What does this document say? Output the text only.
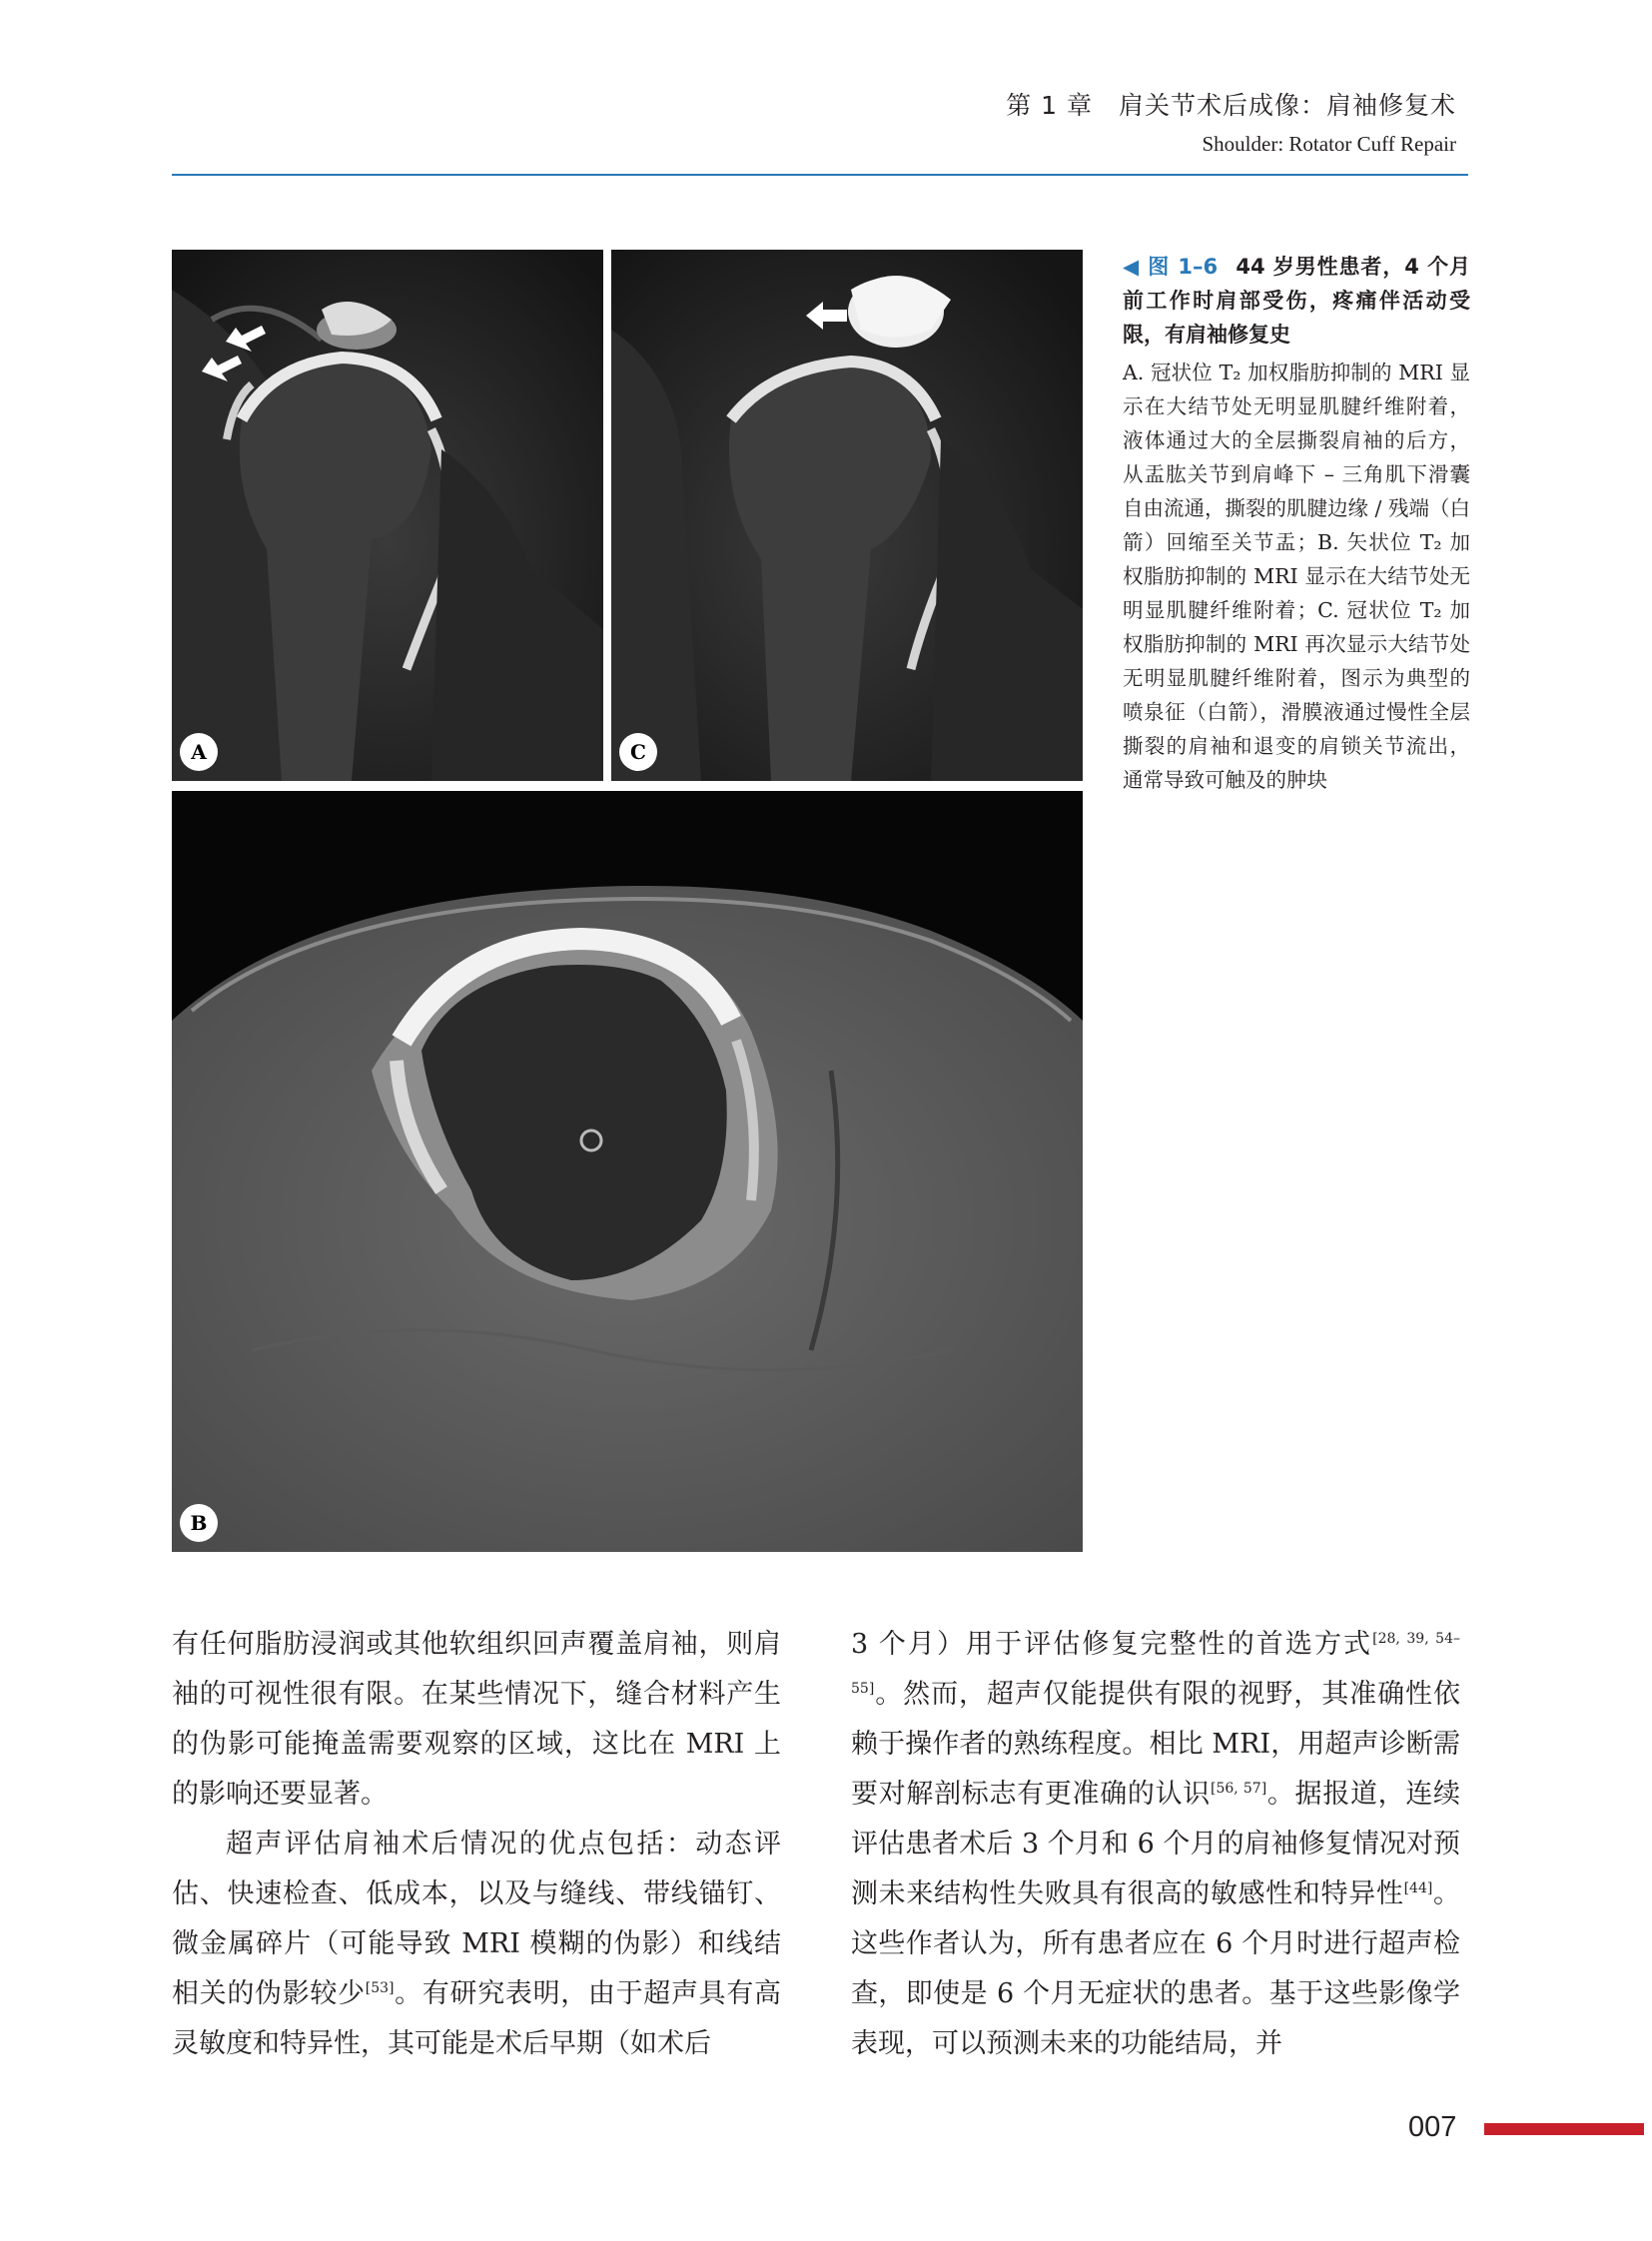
第 1 章　肩关节术后成像：肩袖修复术
Shoulder: Rotator Cuff Repair
A	C
B
◀ 图 1–6 44 岁男性患者，4 个月前工作时肩部受伤，疼痛伴活动受限，有肩袖修复史
A. 冠状位 T₂ 加权脂肪抑制的 MRI 显示在大结节处无明显肌腱纤维附着，液体通过大的全层撕裂肩袖的后方，从盂肱关节到肩峰下 – 三角肌下滑囊自由流通，撕裂的肌腱边缘 / 残端（白箭）回缩至关节盂；B. 矢状位 T₂ 加权脂肪抑制的 MRI 显示在大结节处无明显肌腱纤维附着；C. 冠状位 T₂ 加权脂肪抑制的 MRI 再次显示大结节处无明显肌腱纤维附着，图示为典型的喷泉征（白箭），滑膜液通过慢性全层撕裂的肩袖和退变的肩锁关节流出，通常导致可触及的肿块

有任何脂肪浸润或其他软组织回声覆盖肩袖，则肩袖的可视性很有限。在某些情况下，缝合材料产生的伪影可能掩盖需要观察的区域，这比在 MRI 上的影响还要显著。

超声评估肩袖术后情况的优点包括：动态评估、快速检查、低成本，以及与缝线、带线锚钉、微金属碎片（可能导致 MRI 模糊的伪影）和线结相关的伪影较少[53]。有研究表明，由于超声具有高灵敏度和特异性，其可能是术后早期（如术后

3 个月）用于评估修复完整性的首选方式[28, 39, 54–55]。然而，超声仅能提供有限的视野，其准确性依赖于操作者的熟练程度。相比 MRI，用超声诊断需要对解剖标志有更准确的认识[56, 57]。据报道，连续评估患者术后 3 个月和 6 个月的肩袖修复情况对预测未来结构性失败具有很高的敏感性和特异性[44]。这些作者认为，所有患者应在 6 个月时进行超声检查，即使是 6 个月无症状的患者。基于这些影像学表现，可以预测未来的功能结局，并

007
